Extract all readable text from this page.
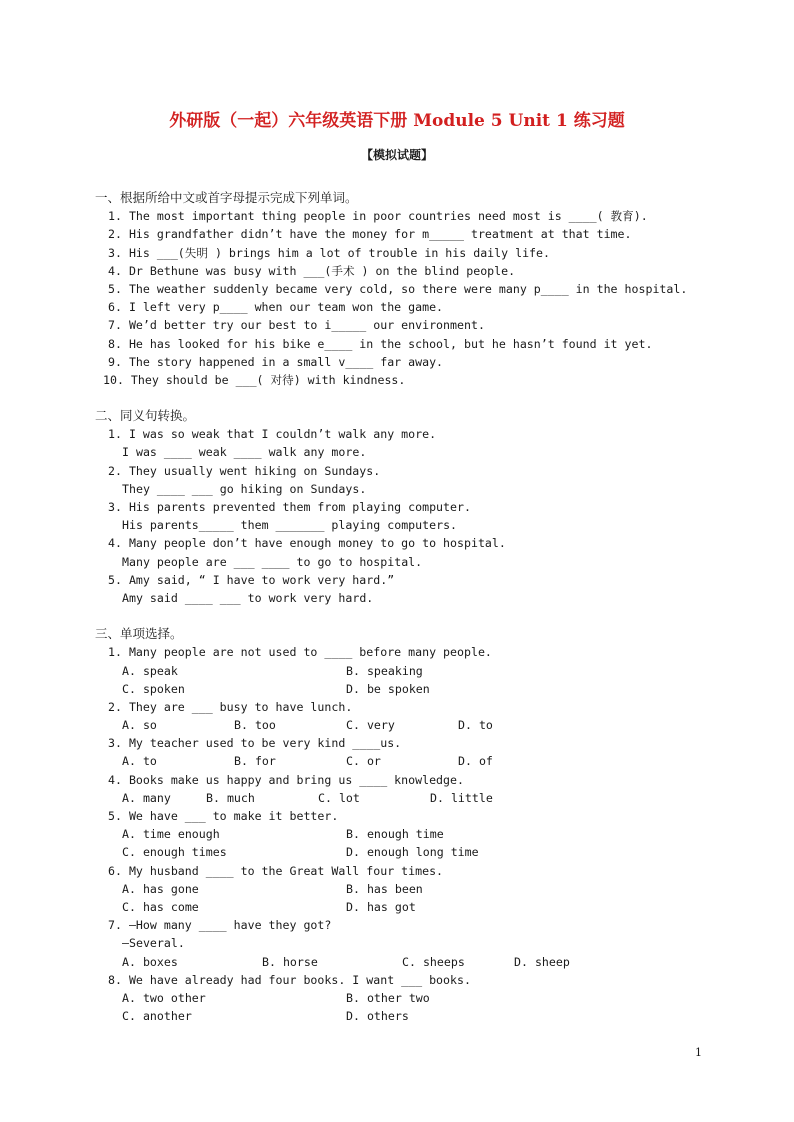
外研版（一起）六年级英语下册 Module 5 Unit 1 练习题
【模拟试题】
一、根据所给中文或首字母提示完成下列单词。
1. The most important thing people in poor countries need most is ____( 教育).
2. His grandfather didn’t have the money for m_____ treatment at that time.
3. His ___(失明 ) brings him a lot of trouble in his daily life.
4. Dr Bethune was busy with ___(手术 ) on the blind people.
5. The weather suddenly became very cold, so there were many p____ in the hospital.
6. I left very p____ when our team won the game.
7. We’d better try our best to i_____ our environment.
8. He has looked for his bike e____ in the school, but he hasn’t found it yet.
9. The story happened in a small v____ far away.
10. They should be ___( 对待) with kindness.
二、同义句转换。
1. I was so weak that I couldn’t walk any more.
I was ____ weak ____ walk any more.
2. They usually went hiking on Sundays.
They ____ ___ go hiking on Sundays.
3. His parents prevented them from playing computer.
His parents_____ them _______ playing computers.
4. Many people don’t have enough money to go to hospital.
Many people are ___ ____ to go to hospital.
5. Amy said, “ I have to work very hard.”
Amy said ____ ___ to work very hard.
三、单项选择。
1. Many people are not used to ____ before many people.

A. speak

	B. speaking

C. spoken

	D. be spoken

2. They are ___ busy to have lunch.

A. so

	B. too

	C. very

	D. to

3. My teacher used to be very kind ____us.

A. to

	B. for

	C. or

	D. of

4. Books make us happy and bring us ____ knowledge.

A. many

	B. much

	C. lot

	D. little

5. We have ___ to make it better.

A. time enough

	B. enough time

C. enough times

	D. enough long time

6. My husband ____ to the Great Wall four times.

A. has gone

	B. has been

C. has come

	D. has got

7. —How many ____ have they got?
—Several.

A. boxes

	B. horse

	C. sheeps

	D. sheep

8. We have already had four books. I want ___ books.

A. two other

	B. other two

C. another

	D. others

1
